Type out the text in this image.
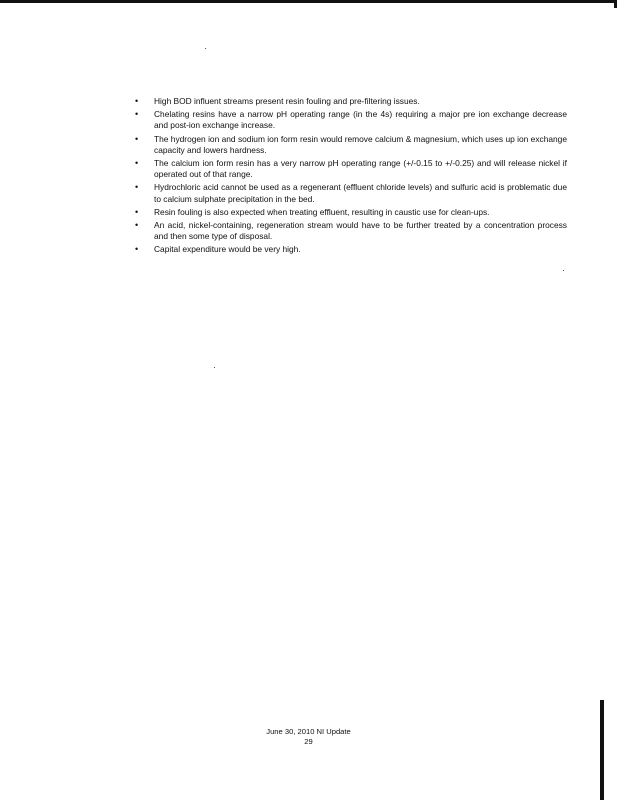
• High BOD influent streams present resin fouling and pre-filtering issues.
• Chelating resins have a narrow pH operating range (in the 4s) requiring a major pre ion exchange decrease and post-ion exchange increase.
• The hydrogen ion and sodium ion form resin would remove calcium & magnesium, which uses up ion exchange capacity and lowers hardness.
• The calcium ion form resin has a very narrow pH operating range (+/-0.15 to +/-0.25) and will release nickel if operated out of that range.
• Hydrochloric acid cannot be used as a regenerant (effluent chloride levels) and sulfuric acid is problematic due to calcium sulphate precipitation in the bed.
• Resin fouling is also expected when treating effluent, resulting in caustic use for clean-ups.
• An acid, nickel-containing, regeneration stream would have to be further treated by a concentration process and then some type of disposal.
• Capital expenditure would be very high.
June 30, 2010 NI Update
29
